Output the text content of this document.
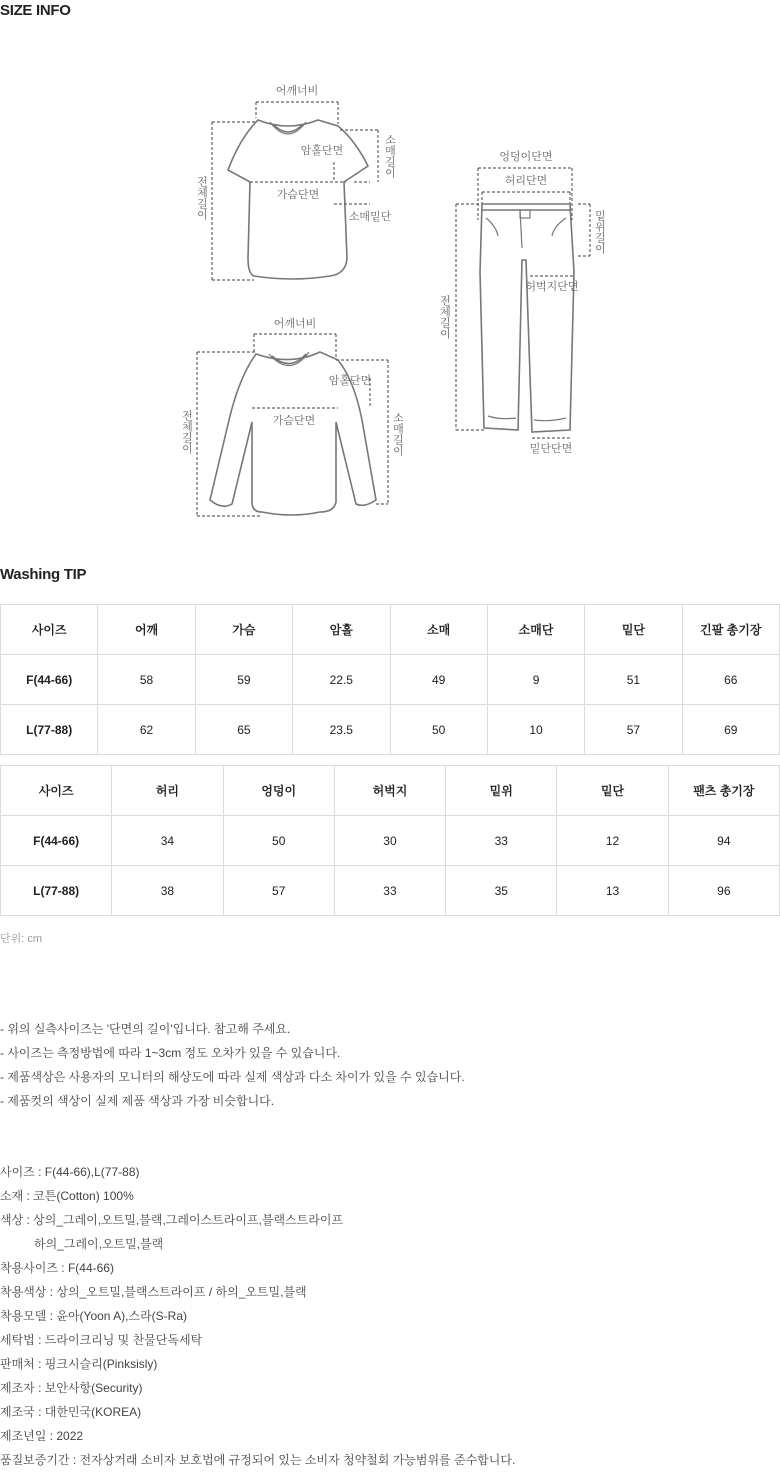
SIZE INFO
어깨너비
암홀단면
가슴단면
소매밑단
전체길이
소매길이
어깨너비
암홀단면
가슴단면
전체길이	소매길이
엉덩이단면
허리단면
밑위길이
허벅지단면
전체길이
밑단단면
Washing TIP
사이즈	어깨	가슴	암홀	소매	소매단	밑단	긴팔 총기장
F(44-66)	58	59	22.5	49	9	51	66
L(77-88)	62	65	23.5	50	10	57	69
사이즈	허리	엉덩이	허벅지	밑위	밑단	팬츠 총기장
F(44-66)	34	50	30	33	12	94
L(77-88)	38	57	33	35	13	96
단위: cm
- 위의 실측사이즈는 '단면의 길이'입니다. 참고해 주세요.
- 사이즈는 측정방법에 따라 1~3cm 정도 오차가 있을 수 있습니다.
- 제품색상은 사용자의 모니터의 해상도에 따라 실제 색상과 다소 차이가 있을 수 있습니다.
- 제품컷의 색상이 실제 제품 색상과 가장 비슷합니다.
사이즈 : F(44-66),L(77-88)
소재 : 코튼(Cotton) 100%
색상 : 상의_그레이,오트밀,블랙,그레이스트라이프,블랙스트라이프
하의_그레이,오트밀,블랙
착용사이즈 : F(44-66)
착용색상 : 상의_오트밀,블랙스트라이프 / 하의_오트밀,블랙
착용모델 : 윤아(Yoon A),스라(S-Ra)
세탁법 : 드라이크리닝 및 찬물단독세탁
판매처 : 핑크시슬리(Pinksisly)
제조자 : 보안사항(Security)
제조국 : 대한민국(KOREA)
제조년일 : 2022
품질보증기간 : 전자상거래 소비자 보호법에 규정되어 있는 소비자 청약철회 가능범위를 준수합니다.
